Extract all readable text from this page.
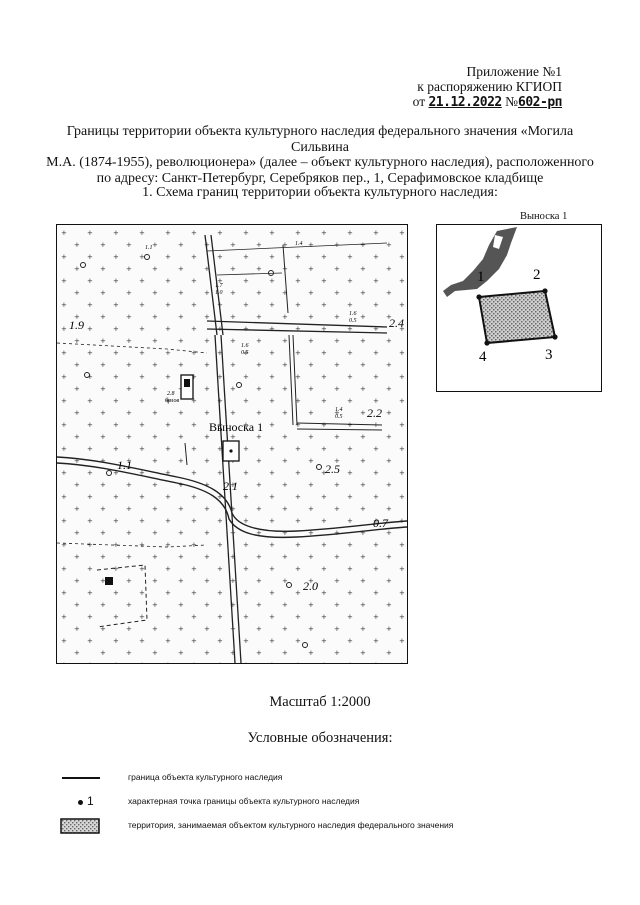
Приложение №1
к распоряжению КГИОП
от 21.12.2022 №602-рп
Границы территории объекта культурного наследия федерального значения «Могила Сильвина
М.А. (1874-1955), революционера» (далее – объект культурного наследия), расположенного
по адресу: Санкт-Петербург, Серебряков пер., 1, Серафимовское кладбище
1. Схема границ территории объекта культурного наследия:
2.5
2.0
1.9
2.1
2.4
2.2
0.7
1.1
1.7
1.0
1.6
0.5
1.6
0.5
1.4
0.5
2.8
брлов
1.1
1.4
Выноска 1
Выноска 1
1	2
3
4
Масштаб 1:2000
Условные обозначения:
граница объекта культурного наследия
1	характерная точка границы объекта культурного наследия
территория, занимаемая объектом культурного наследия федерального значения
